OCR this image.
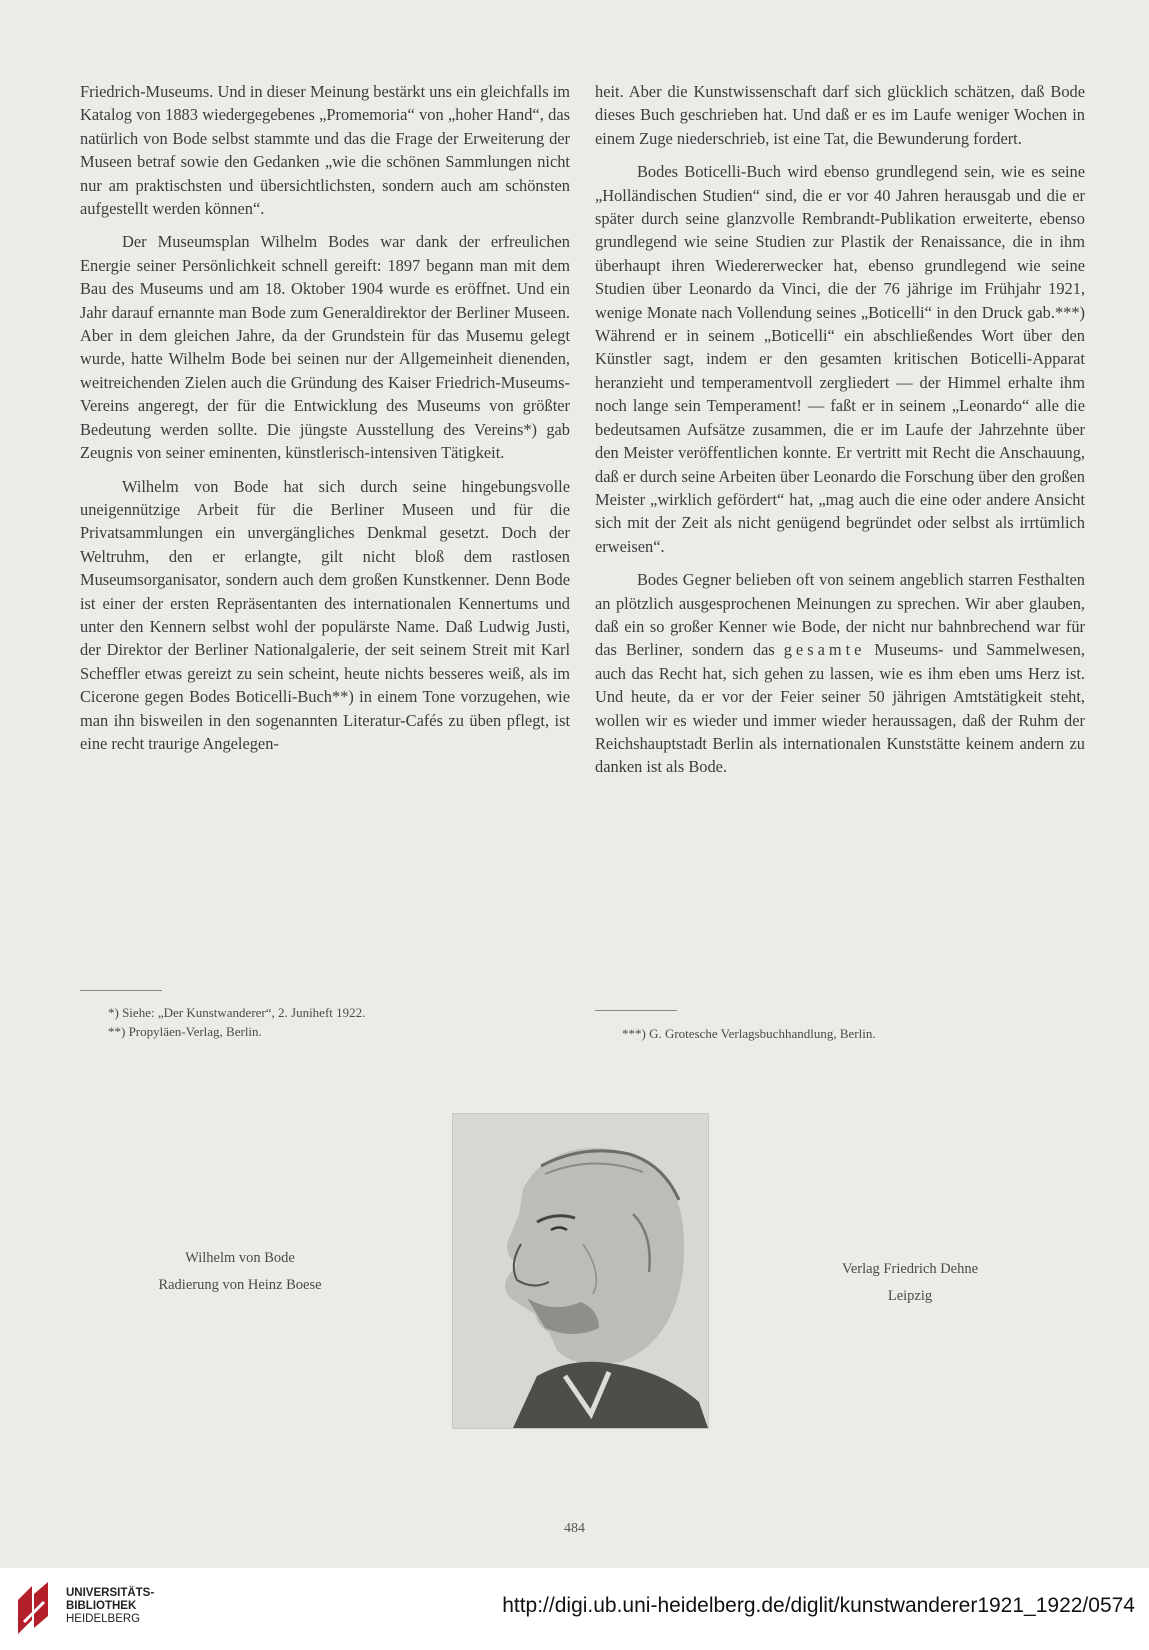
Friedrich-Museums. Und in dieser Meinung bestärkt uns ein gleichfalls im Katalog von 1883 wiedergegebenes „Promemoria“ von „hoher Hand“, das natürlich von Bode selbst stammte und das die Frage der Erweiterung der Museen betraf sowie den Gedanken „wie die schönen Sammlungen nicht nur am praktischsten und übersichtlichsten, sondern auch am schönsten aufgestellt werden können“.

Der Museumsplan Wilhelm Bodes war dank der erfreulichen Energie seiner Persönlichkeit schnell gereift: 1897 begann man mit dem Bau des Museums und am 18. Oktober 1904 wurde es eröffnet. Und ein Jahr darauf ernannte man Bode zum Generaldirektor der Berliner Museen. Aber in dem gleichen Jahre, da der Grundstein für das Musemu gelegt wurde, hatte Wilhelm Bode bei seinen nur der Allgemeinheit dienenden, weitreichenden Zielen auch die Gründung des Kaiser Friedrich-Museums-Vereins angeregt, der für die Entwicklung des Museums von größter Bedeutung werden sollte. Die jüngste Ausstellung des Vereins*) gab Zeugnis von seiner eminenten, künstlerisch-intensiven Tätigkeit.

Wilhelm von Bode hat sich durch seine hingebungsvolle uneigennützige Arbeit für die Berliner Museen und für die Privatsammlungen ein unvergängliches Denkmal gesetzt. Doch der Weltruhm, den er erlangte, gilt nicht bloß dem rastlosen Museumsorganisator, sondern auch dem großen Kunstkenner. Denn Bode ist einer der ersten Repräsentanten des internationalen Kennertums und unter den Kennern selbst wohl der populärste Name. Daß Ludwig Justi, der Direktor der Berliner Nationalgalerie, der seit seinem Streit mit Karl Scheffler etwas gereizt zu sein scheint, heute nichts besseres weiß, als im Cicerone gegen Bodes Boticelli-Buch**) in einem Tone vorzugehen, wie man ihn bisweilen in den sogenannten Literatur-Cafés zu üben pflegt, ist eine recht traurige Angelegen-

heit. Aber die Kunstwissenschaft darf sich glücklich schätzen, daß Bode dieses Buch geschrieben hat. Und daß er es im Laufe weniger Wochen in einem Zuge niederschrieb, ist eine Tat, die Bewunderung fordert.

Bodes Boticelli-Buch wird ebenso grundlegend sein, wie es seine „Holländischen Studien“ sind, die er vor 40 Jahren herausgab und die er später durch seine glanzvolle Rembrandt-Publikation erweiterte, ebenso grundlegend wie seine Studien zur Plastik der Renaissance, die in ihm überhaupt ihren Wiedererwecker hat, ebenso grundlegend wie seine Studien über Leonardo da Vinci, die der 76 jährige im Frühjahr 1921, wenige Monate nach Vollendung seines „Boticelli“ in den Druck gab.***) Während er in seinem „Boticelli“ ein abschließendes Wort über den Künstler sagt, indem er den gesamten kritischen Boticelli-Apparat heranzieht und temperamentvoll zergliedert — der Himmel erhalte ihm noch lange sein Temperament! — faßt er in seinem „Leonardo“ alle die bedeutsamen Aufsätze zusammen, die er im Laufe der Jahrzehnte über den Meister veröffentlichen konnte. Er vertritt mit Recht die Anschauung, daß er durch seine Arbeiten über Leonardo die Forschung über den großen Meister „wirklich gefördert“ hat, „mag auch die eine oder andere Ansicht sich mit der Zeit als nicht genügend begründet oder selbst als irrtümlich erweisen“.

Bodes Gegner belieben oft von seinem angeblich starren Festhalten an plötzlich ausgesprochenen Meinungen zu sprechen. Wir aber glauben, daß ein so großer Kenner wie Bode, der nicht nur bahnbrechend war für das Berliner, sondern das gesamte Museums- und Sammelwesen, auch das Recht hat, sich gehen zu lassen, wie es ihm eben ums Herz ist. Und heute, da er vor der Feier seiner 50 jährigen Amtstätigkeit steht, wollen wir es wieder und immer wieder heraussagen, daß der Ruhm der Reichshauptstadt Berlin als internationalen Kunststätte keinem andern zu danken ist als Bode.

*) Siehe: „Der Kunstwanderer“, 2. Juniheft 1922.
**) Propyläen-Verlag, Berlin.	***) G. Grotesche Verlagsbuchhandlung, Berlin.
Wilhelm von Bode
Radierung von Heinz Boese
Verlag Friedrich Dehne
Leipzig
484
UNIVERSITÄTS-
BIBLIOTHEK
HEIDELBERG
http://digi.ub.uni-heidelberg.de/diglit/kunstwanderer1921_1922/0574
